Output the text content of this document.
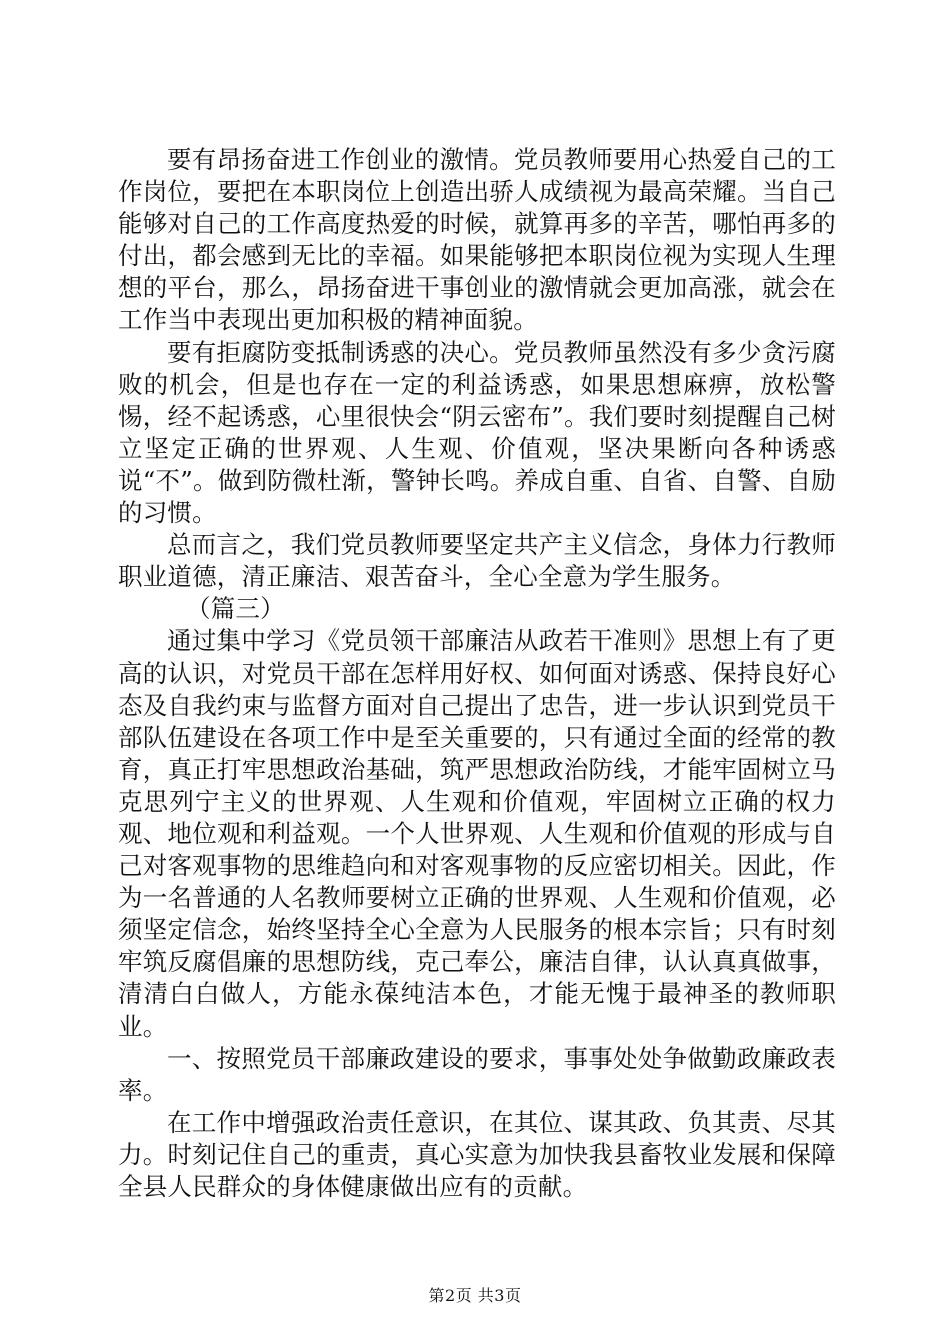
要有昂扬奋进工作创业的激情。党员教师要用心热爱自己的工作岗位，要把在本职岗位上创造出骄人成绩视为最高荣耀。当自己能够对自己的工作高度热爱的时候，就算再多的辛苦，哪怕再多的付出，都会感到无比的幸福。如果能够把本职岗位视为实现人生理想的平台，那么，昂扬奋进干事创业的激情就会更加高涨，就会在工作当中表现出更加积极的精神面貌。

要有拒腐防变抵制诱惑的决心。党员教师虽然没有多少贪污腐败的机会，但是也存在一定的利益诱惑，如果思想麻痹，放松警惕，经不起诱惑，心里很快会“阴云密布”。我们要时刻提醒自己树立坚定正确的世界观、人生观、价值观，坚决果断向各种诱惑说“不”。做到防微杜渐，警钟长鸣。养成自重、自省、自警、自励的习惯。

总而言之，我们党员教师要坚定共产主义信念，身体力行教师职业道德，清正廉洁、艰苦奋斗，全心全意为学生服务。

（篇三）

通过集中学习《党员领干部廉洁从政若干准则》思想上有了更高的认识，对党员干部在怎样用好权、如何面对诱惑、保持良好心态及自我约束与监督方面对自己提出了忠告，进一步认识到党员干部队伍建设在各项工作中是至关重要的，只有通过全面的经常的教育，真正打牢思想政治基础，筑严思想政治防线，才能牢固树立马克思列宁主义的世界观、人生观和价值观，牢固树立正确的权力观、地位观和利益观。一个人世界观、人生观和价值观的形成与自己对客观事物的思维趋向和对客观事物的反应密切相关。因此，作为一名普通的人名教师要树立正确的世界观、人生观和价值观，必须坚定信念，始终坚持全心全意为人民服务的根本宗旨；只有时刻牢筑反腐倡廉的思想防线，克己奉公，廉洁自律，认认真真做事，清清白白做人，方能永葆纯洁本色，才能无愧于最神圣的教师职业。

一、按照党员干部廉政建设的要求，事事处处争做勤政廉政表率。

在工作中增强政治责任意识，在其位、谋其政、负其责、尽其力。时刻记住自己的重责，真心实意为加快我县畜牧业发展和保障全县人民群众的身体健康做出应有的贡献。

第2页 共3页
